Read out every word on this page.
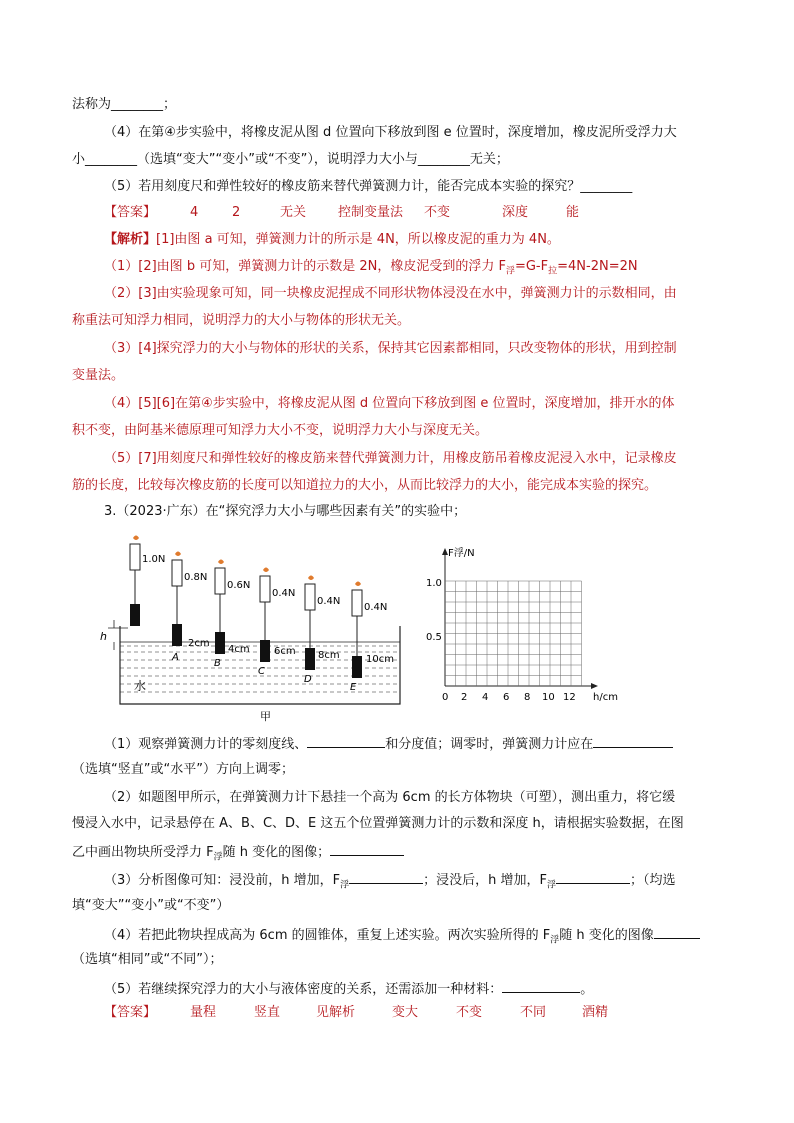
法称为________；
（4）在第④步实验中，将橡皮泥从图 d 位置向下移放到图 e 位置时，深度增加，橡皮泥所受浮力大
小________（选填“变大”“变小”或“不变”），说明浮力大小与________无关；
（5）若用刻度尺和弹性较好的橡皮筋来替代弹簧测力计，能否完成本实验的探究？________
【答案】	4	2	无关 控制变量法 不变	深度	能
【解析】[1]由图 a 可知，弹簧测力计的所示是 4N，所以橡皮泥的重力为 4N。
（1）[2]由图 b 可知，弹簧测力计的示数是 2N，橡皮泥受到的浮力 $F_浮=G-F_拉=4N-2N=2N$
（2）[3]由实验现象可知，同一块橡皮泥捏成不同形状物体浸没在水中，弹簧测力计的示数相同，由
称重法可知浮力相同，说明浮力的大小与物体的形状无关。
（3）[4]探究浮力的大小与物体的形状的关系，保持其它因素都相同，只改变物体的形状，用到控制
变量法。
（4）[5][6]在第④步实验中，将橡皮泥从图 d 位置向下移放到图 e 位置时，深度增加，排开水的体
积不变，由阿基米德原理可知浮力大小不变，说明浮力大小与深度无关。
（5）[7]用刻度尺和弹性较好的橡皮筋来替代弹簧测力计，用橡皮筋吊着橡皮泥浸入水中，记录橡皮
筋的长度，比较每次橡皮筋的长度可以知道拉力的大小，从而比较浮力的大小，能完成本实验的探究。
3.（2023·广东）在“探究浮力大小与哪些因素有关”的实验中；
水
h
1.0N
0.8N
2cm
A
0.6N
4cm
B
0.4N
6cm
C
0.4N
8cm
D
0.4N
10cm
E
甲
F浮/N
h/cm
1.0
0.5
0 2 4 6 8 10 12
（1）观察弹簧测力计的零刻度线、	和分度值；调零时，弹簧测力计应在
（选填“竖直”或“水平”）方向上调零；
（2）如题图甲所示，在弹簧测力计下悬挂一个高为 6cm 的长方体物块（可塑），测出重力，将它缓
慢浸入水中，记录悬停在 A、B、C、D、E 这五个位置弹簧测力计的示数和深度 h，请根据实验数据，在图
乙中画出物块所受浮力 $F_浮$随 h 变化的图像；
（3）分析图像可知：浸没前，h 增加，$F_浮$	；浸没后，h 增加，$F_浮$	；（均选
填“变大”“变小”或“不变”）
（4）若把此物块捏成高为 6cm 的圆锥体，重复上述实验。两次实验所得的 $F_浮$随 h 变化的图像
（选填“相同”或“不同”）；
（5）若继续探究浮力的大小与液体密度的关系，还需添加一种材料：	。
【答案】	量程	竖直	见解析	变大	不变	不同	酒精
